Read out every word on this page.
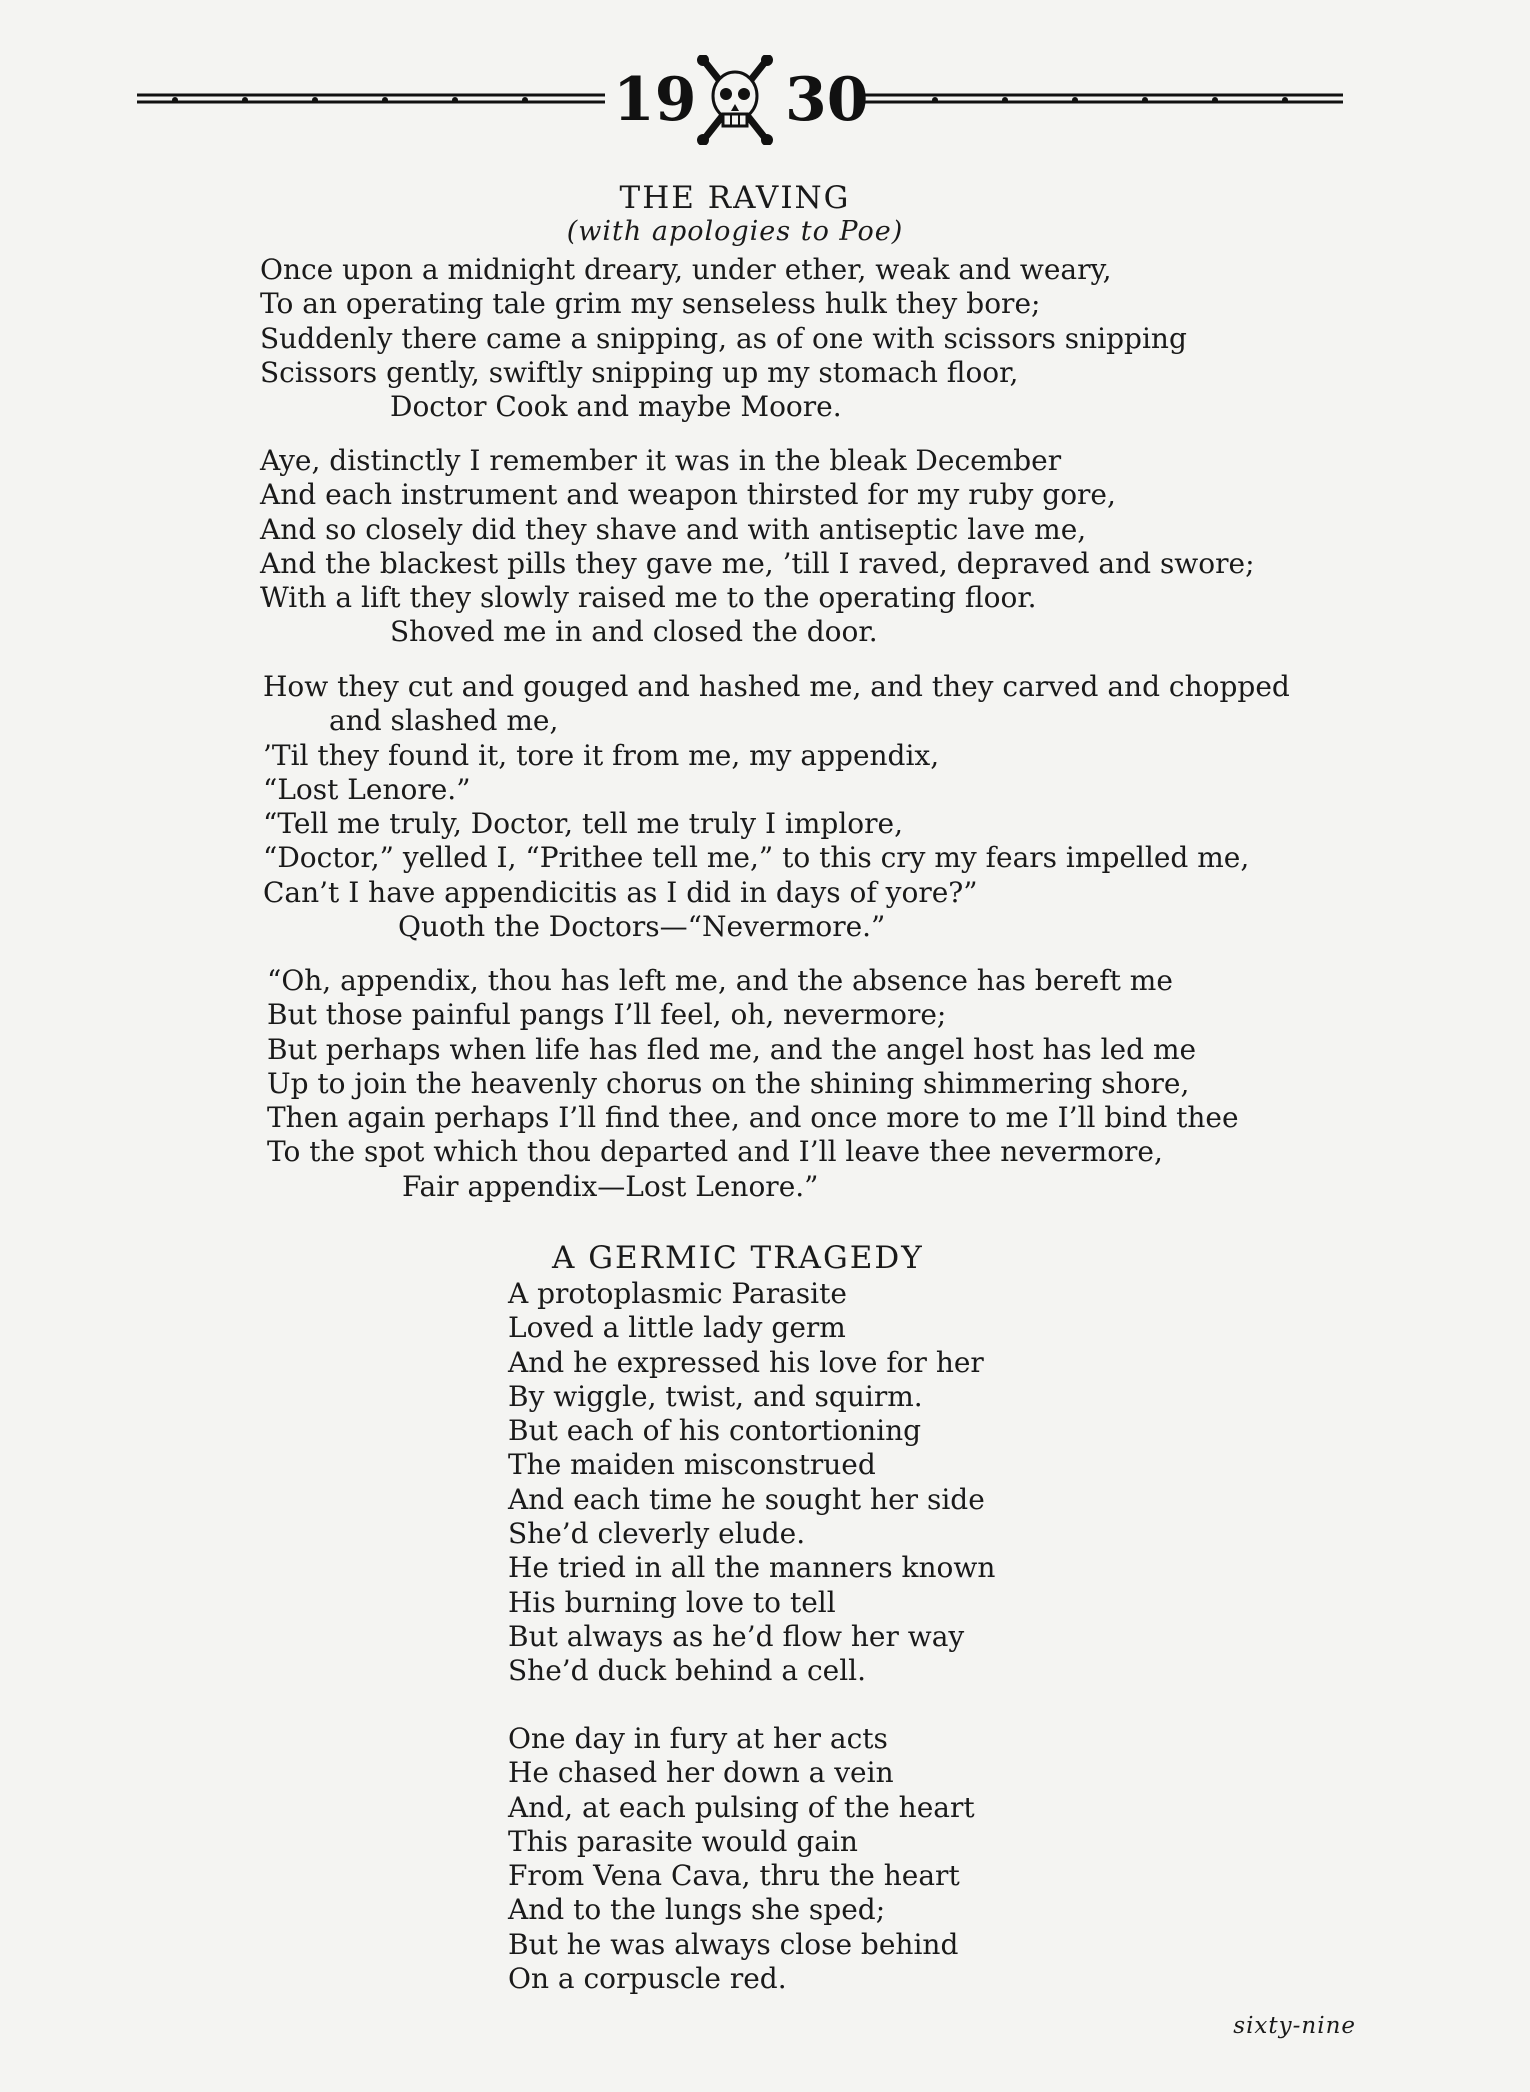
19 30
THE RAVING
(with apologies to Poe)
Once upon a midnight dreary, under ether, weak and weary,
To an operating tale grim my senseless hulk they bore;
Suddenly there came a snipping, as of one with scissors snipping
Scissors gently, swiftly snipping up my stomach floor,
Doctor Cook and maybe Moore.
Aye, distinctly I remember it was in the bleak December
And each instrument and weapon thirsted for my ruby gore,
And so closely did they shave and with antiseptic lave me,
And the blackest pills they gave me, ’till I raved, depraved and swore;
With a lift they slowly raised me to the operating floor.
Shoved me in and closed the door.
How they cut and gouged and hashed me, and they carved and chopped
and slashed me,
’Til they found it, tore it from me, my appendix,
“Lost Lenore.”
“Tell me truly, Doctor, tell me truly I implore,
“Doctor,” yelled I, “Prithee tell me,” to this cry my fears impelled me,
Can’t I have appendicitis as I did in days of yore?”
Quoth the Doctors—“Nevermore.”
“Oh, appendix, thou has left me, and the absence has bereft me
But those painful pangs I’ll feel, oh, nevermore;
But perhaps when life has fled me, and the angel host has led me
Up to join the heavenly chorus on the shining shimmering shore,
Then again perhaps I’ll find thee, and once more to me I’ll bind thee
To the spot which thou departed and I’ll leave thee nevermore,
Fair appendix—Lost Lenore.”
A GERMIC TRAGEDY
A protoplasmic Parasite
Loved a little lady germ
And he expressed his love for her
By wiggle, twist, and squirm.
But each of his contortioning
The maiden misconstrued
And each time he sought her side
She’d cleverly elude.
He tried in all the manners known
His burning love to tell
But always as he’d flow her way
She’d duck behind a cell.
One day in fury at her acts
He chased her down a vein
And, at each pulsing of the heart
This parasite would gain
From Vena Cava, thru the heart
And to the lungs she sped;
But he was always close behind
On a corpuscle red.
sixty-nine
